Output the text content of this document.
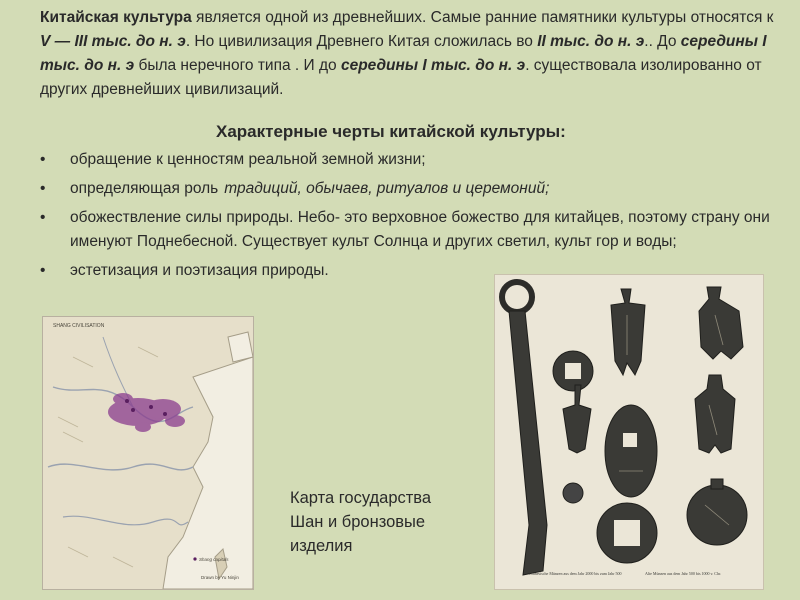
Китайская культура является одной из древнейших. Самые ранние памятники культуры относятся к V — III тыс. до н. э. Но цивилизация Древнего Китая сложилась во II тыс. до н. э.. До середины I тыс. до н. э была неречного типа . И до середины I тыс. до н. э. существовала изолированно от других древнейших цивилизаций.

Характерные черты китайской культуры:
• обращение к ценностям реальной земной жизни;
• определяющая роль традиций, обычаев, ритуалов и церемоний;
• обожествление силы природы. Небо- это верховное божество для китайцев, поэтому страну они именуют Поднебесной. Существует культ Солнца и других светил, культ гор и воды;
• эстетизация и поэтизация природы.
SHANG CIVILISATION
Shang capitals
Drawn by Yu Ninjin
Карта государства
Шан и бронзовые
изделия
Chinesische Münzen aus dem Jahr 2000 bis zum Jahr 500	Alte Münzen aus dem Jahr 500 bis 1000 v. Chr.
